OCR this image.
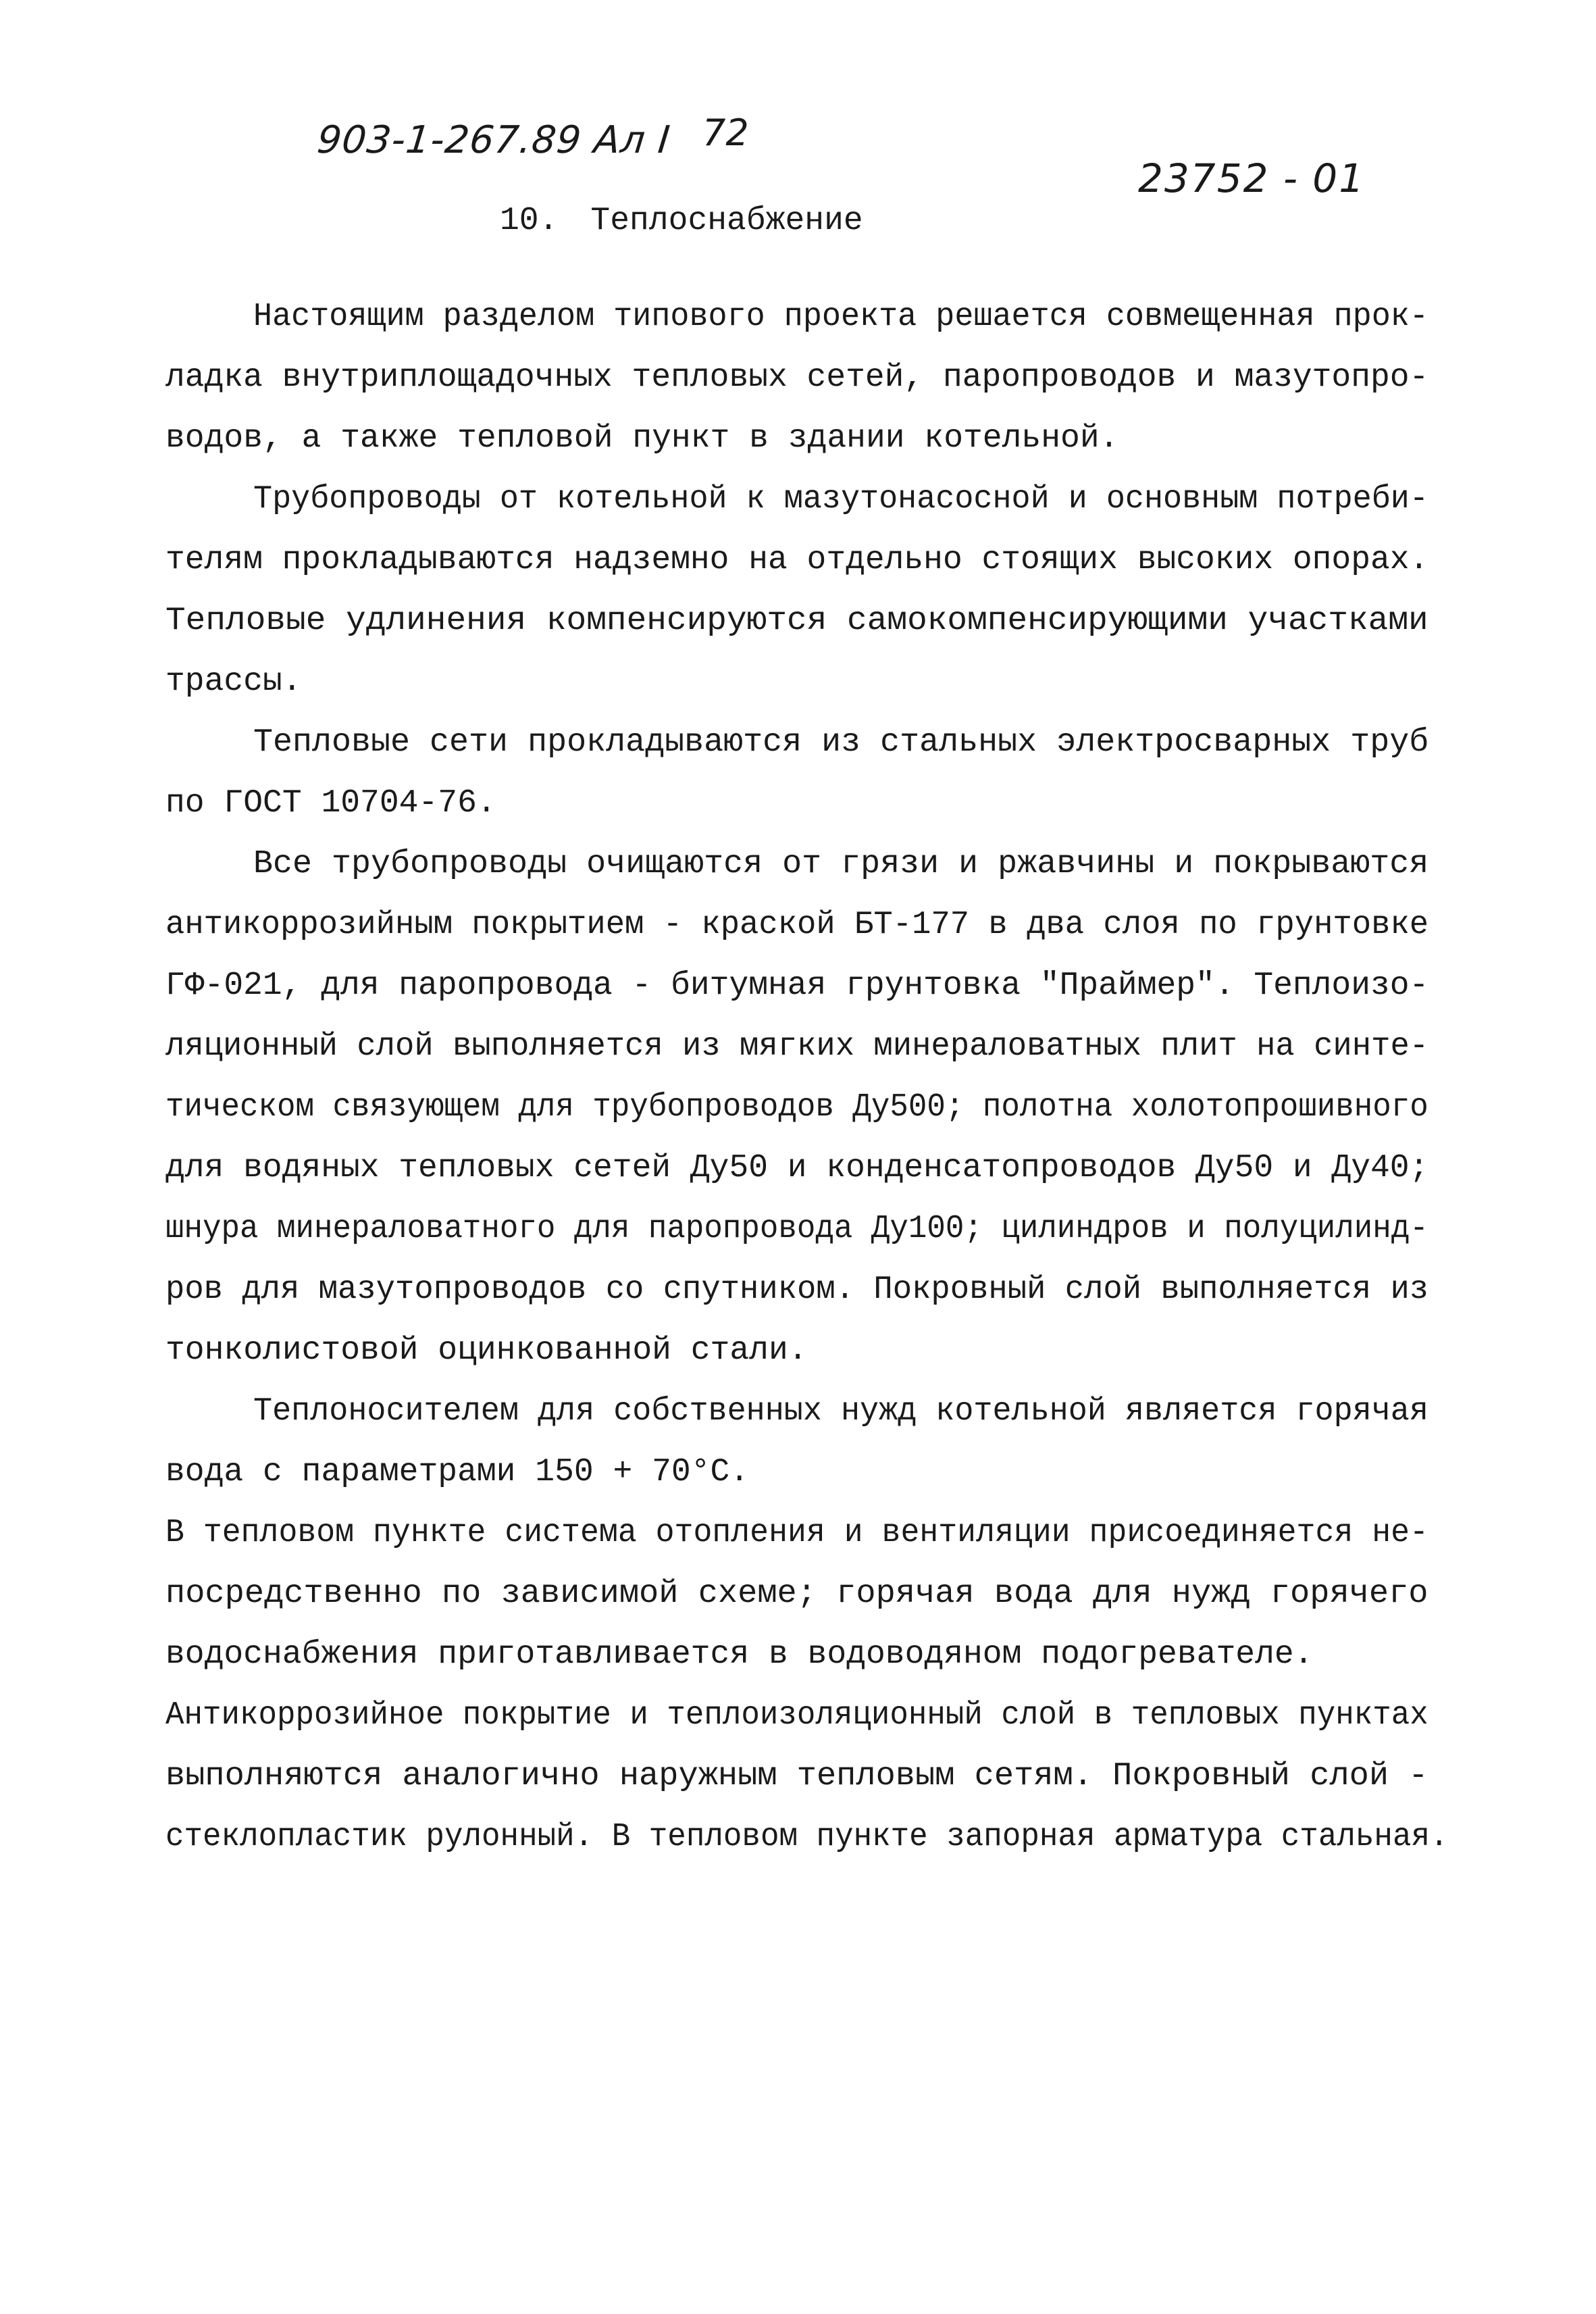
903-1-267.89 Ал I 72
23752 - 01
10. Теплоснабжение
Настоящим разделом типового проекта решается совмещенная прок-
ладка внутриплощадочных тепловых сетей, паропроводов и мазутопро-
водов, а также тепловой пункт в здании котельной.
Трубопроводы от котельной к мазутонасосной и основным потреби-
телям прокладываются надземно на отдельно стоящих высоких опорах.
Тепловые удлинения компенсируются самокомпенсирующими участками
трассы.
Тепловые сети прокладываются из стальных электросварных труб
по ГОСТ 10704-76.
Все трубопроводы очищаются от грязи и ржавчины и покрываются
антикоррозийным покрытием - краской БТ-177 в два слоя по грунтовке
ГФ-021, для паропровода - битумная грунтовка "Праймер". Теплоизо-
ляционный слой выполняется из мягких минераловатных плит на синте-
тическом связующем для трубопроводов Ду500; полотна холотопрошивного
для водяных тепловых сетей Ду50 и конденсатопроводов Ду50 и Ду40;
шнура минераловатного для паропровода Ду100; цилиндров и полуцилинд-
ров для мазутопроводов со спутником. Покровный слой выполняется из
тонколистовой оцинкованной стали.
Теплоносителем для собственных нужд котельной является горячая
вода с параметрами 150 + 70°C.
В тепловом пункте система отопления и вентиляции присоединяется не-
посредственно по зависимой схеме; горячая вода для нужд горячего
водоснабжения приготавливается в водоводяном подогревателе.
Антикоррозийное покрытие и теплоизоляционный слой в тепловых пунктах
выполняются аналогично наружным тепловым сетям. Покровный слой -
стеклопластик рулонный. В тепловом пункте запорная арматура стальная.
